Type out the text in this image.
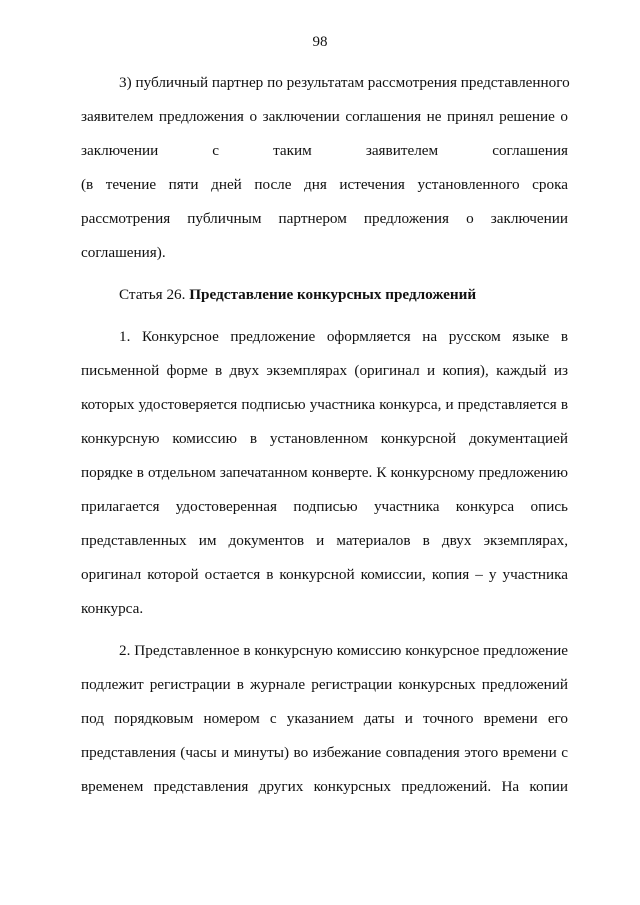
98
3) публичный партнер по результатам рассмотрения представленного
заявителем предложения о заключении соглашения не принял решение о
заключении с таким заявителем соглашения
(в течение пяти дней после дня истечения установленного срока
рассмотрения публичным партнером предложения о заключении
соглашения).
Статья 26. Представление конкурсных предложений
1. Конкурсное предложение оформляется на русском языке в
письменной форме в двух экземплярах (оригинал и копия), каждый из
которых удостоверяется подписью участника конкурса, и представляется в
конкурсную комиссию в установленном конкурсной документацией
порядке в отдельном запечатанном конверте. К конкурсному предложению
прилагается удостоверенная подписью участника конкурса опись
представленных им документов и материалов в двух экземплярах,
оригинал которой остается в конкурсной комиссии, копия – у участника
конкурса.
2. Представленное в конкурсную комиссию конкурсное предложение
подлежит регистрации в журнале регистрации конкурсных предложений
под порядковым номером с указанием даты и точного времени его
представления (часы и минуты) во избежание совпадения этого времени с
временем представления других конкурсных предложений. На копии
